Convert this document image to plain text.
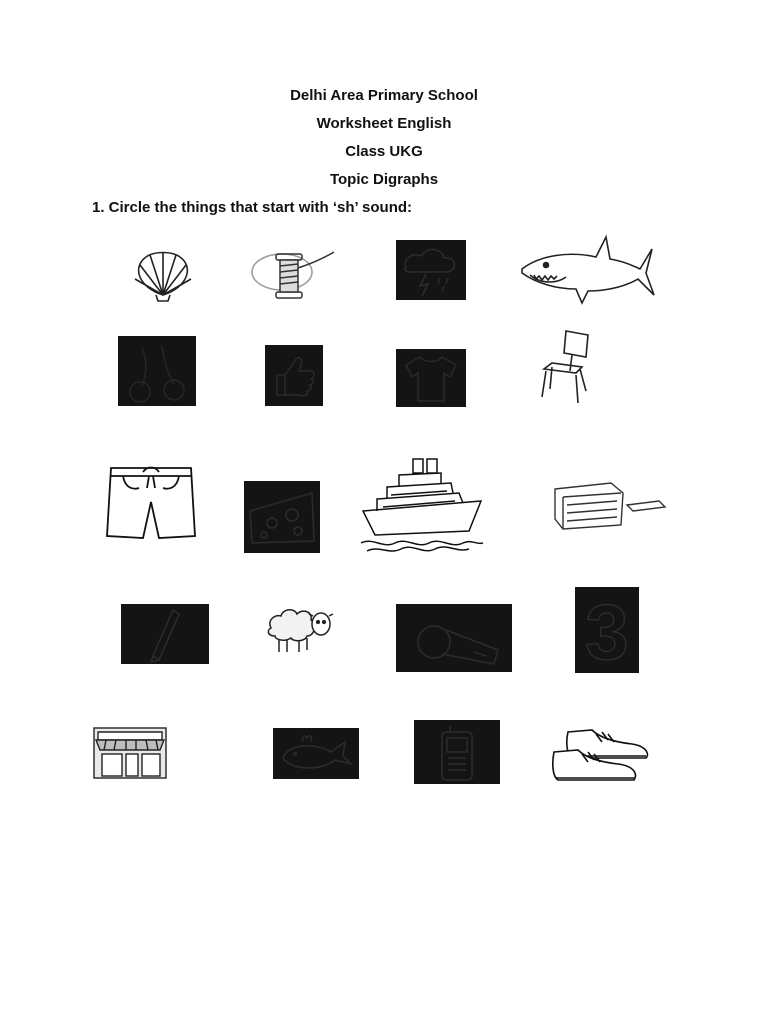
Delhi Area Primary School
Worksheet English
Class UKG
Topic Digraphs
1. Circle the things that start with ‘sh’ sound:
3
